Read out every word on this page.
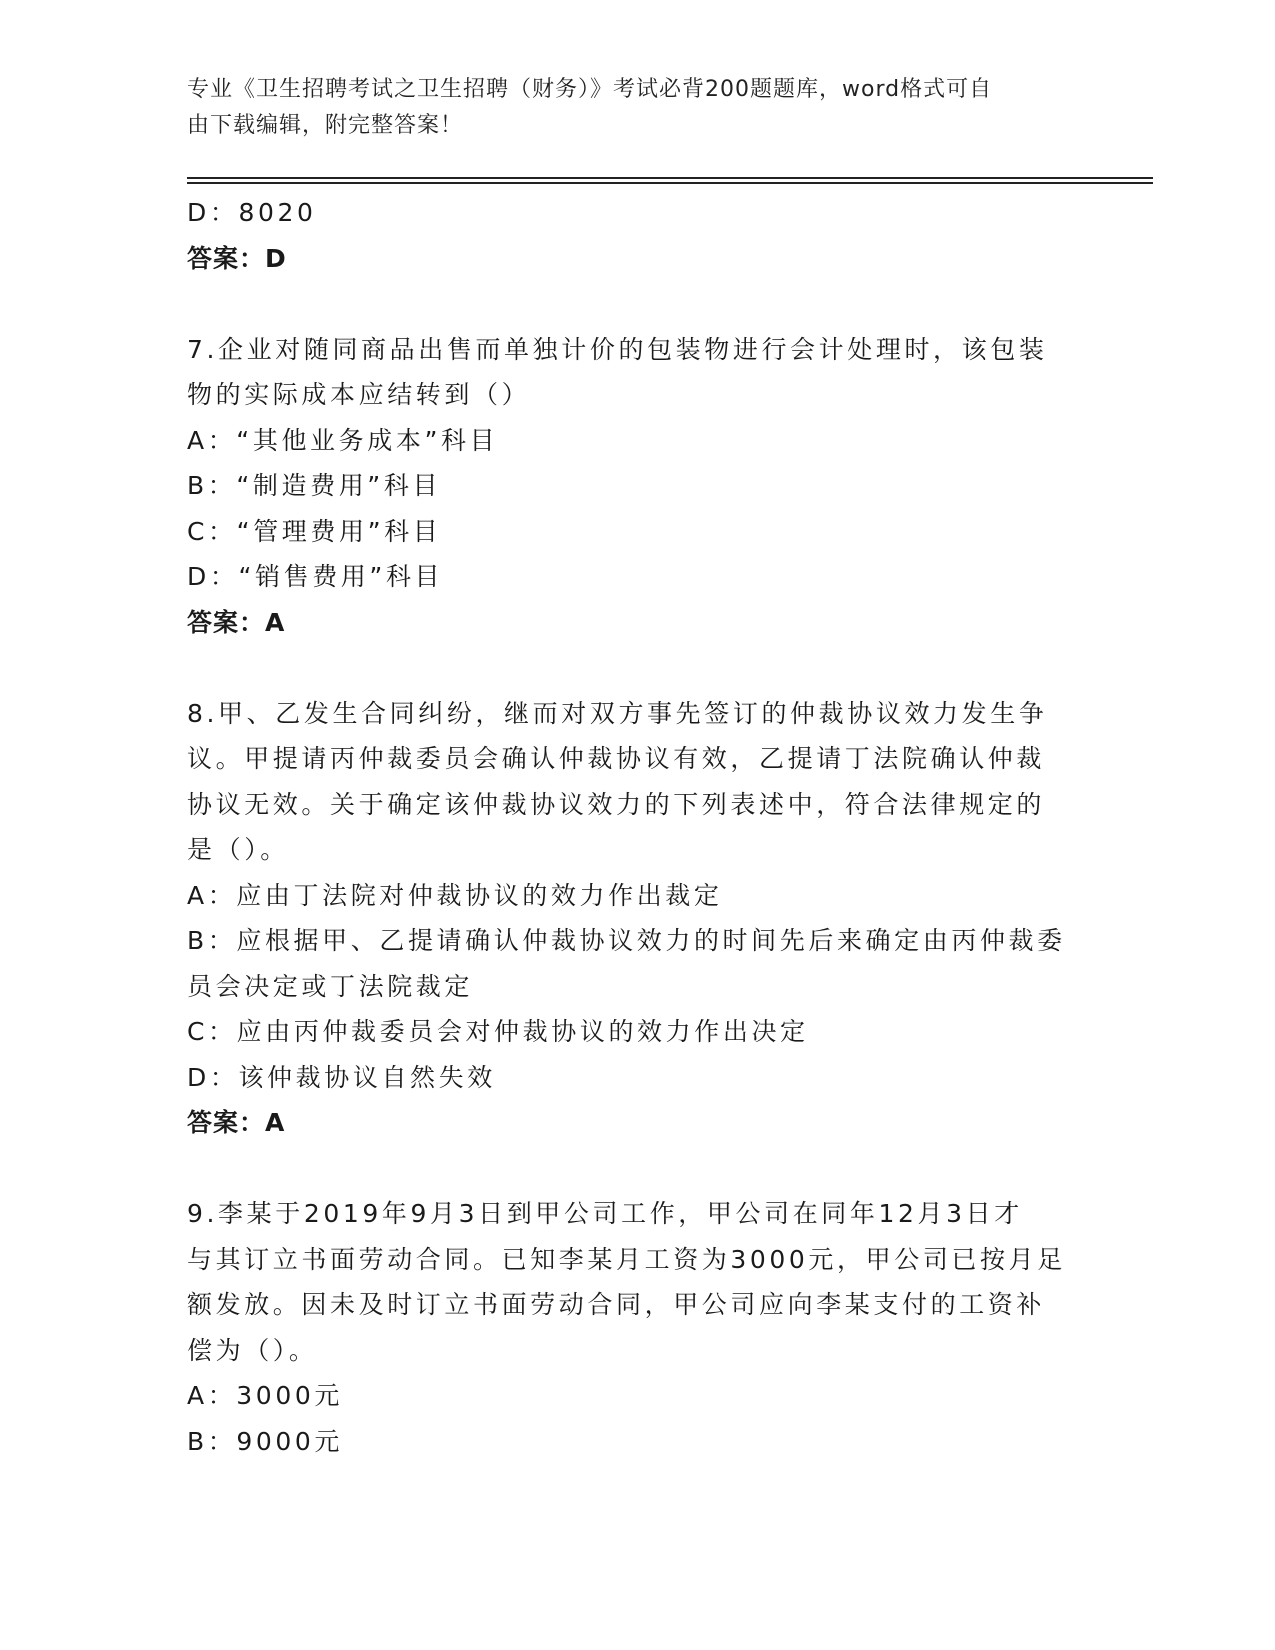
专业《卫生招聘考试之卫生招聘（财务）》考试必背200题题库，word格式可自
由下载编辑，附完整答案！
D：8020
答案：D
7.企业对随同商品出售而单独计价的包装物进行会计处理时，该包装
物的实际成本应结转到（）
A：“其他业务成本”科目
B：“制造费用”科目
C：“管理费用”科目
D：“销售费用”科目
答案：A
8.甲、乙发生合同纠纷，继而对双方事先签订的仲裁协议效力发生争
议。甲提请丙仲裁委员会确认仲裁协议有效，乙提请丁法院确认仲裁
协议无效。关于确定该仲裁协议效力的下列表述中，符合法律规定的
是（）。
A：应由丁法院对仲裁协议的效力作出裁定
B：应根据甲、乙提请确认仲裁协议效力的时间先后来确定由丙仲裁委
员会决定或丁法院裁定
C：应由丙仲裁委员会对仲裁协议的效力作出决定
D：该仲裁协议自然失效
答案：A
9.李某于2019年9月3日到甲公司工作，甲公司在同年12月3日才
与其订立书面劳动合同。已知李某月工资为3000元，甲公司已按月足
额发放。因未及时订立书面劳动合同，甲公司应向李某支付的工资补
偿为（）。
A：3000元
B：9000元
